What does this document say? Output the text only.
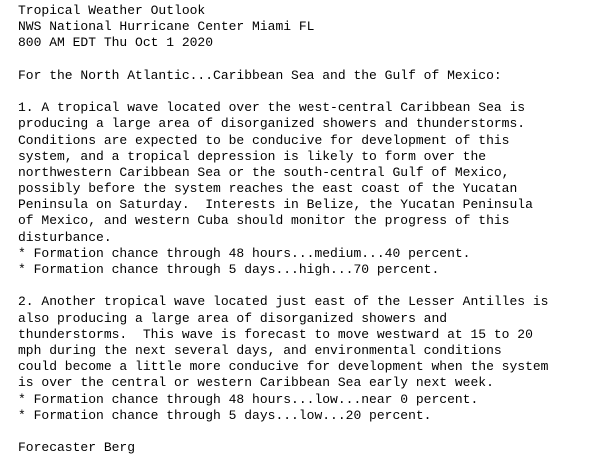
Tropical Weather Outlook
NWS National Hurricane Center Miami FL
800 AM EDT Thu Oct 1 2020
For the North Atlantic...Caribbean Sea and the Gulf of Mexico:
1. A tropical wave located over the west-central Caribbean Sea is
producing a large area of disorganized showers and thunderstorms.
Conditions are expected to be conducive for development of this
system, and a tropical depression is likely to form over the
northwestern Caribbean Sea or the south-central Gulf of Mexico,
possibly before the system reaches the east coast of the Yucatan
Peninsula on Saturday.  Interests in Belize, the Yucatan Peninsula
of Mexico, and western Cuba should monitor the progress of this
disturbance.
* Formation chance through 48 hours...medium...40 percent.
* Formation chance through 5 days...high...70 percent.
2. Another tropical wave located just east of the Lesser Antilles is
also producing a large area of disorganized showers and
thunderstorms.  This wave is forecast to move westward at 15 to 20
mph during the next several days, and environmental conditions
could become a little more conducive for development when the system
is over the central or western Caribbean Sea early next week.
* Formation chance through 48 hours...low...near 0 percent.
* Formation chance through 5 days...low...20 percent.
Forecaster Berg
